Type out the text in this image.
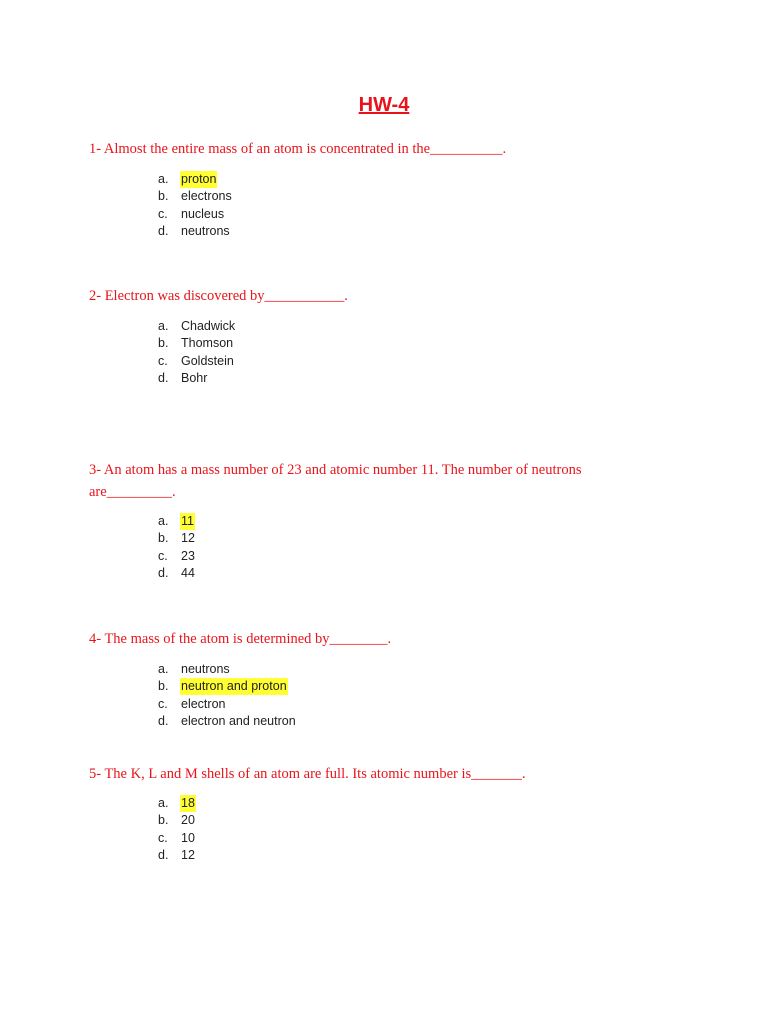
HW-4

1- Almost the entire mass of an atom is concentrated in the__________.

a. proton
b. electrons
c. nucleus
d. neutrons

2- Electron was discovered by___________.

a. Chadwick
b. Thomson
c. Goldstein
d. Bohr

3- An atom has a mass number of 23 and atomic number 11. The number of neutrons are_________.

a. 11
b. 12
c. 23
d. 44

4- The mass of the atom is determined by________.

a. neutrons
b. neutron and proton
c. electron
d. electron and neutron

5- The K, L and M shells of an atom are full. Its atomic number is_______.

a. 18
b. 20
c. 10
d. 12
